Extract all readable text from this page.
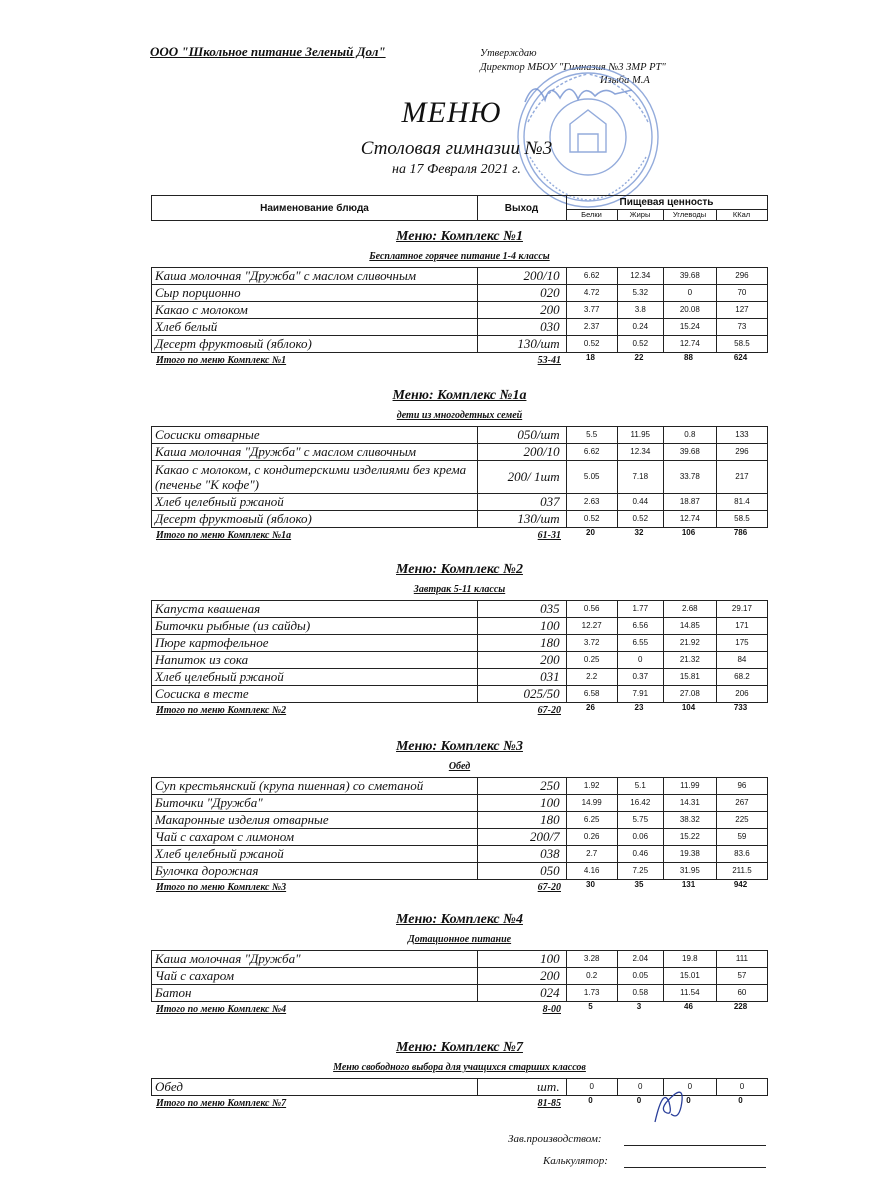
ООО "Школьное питание Зеленый Дол"	Утверждаю
Директор МБОУ "Гимназия №3 ЗМР РТ"
Изыба М.А
МЕНЮ
Столовая гимназии №3
на 17 Февраля 2021 г.
Наименование блюда	Выход	Пищевая ценность
Белки	Жиры	Углеводы	ККал
Меню: Комплекс №1
Бесплатное горячее питание 1-4 классы
Каша молочная "Дружба" с маслом сливочным	200/10	6.62	12.34	39.68	296
Сыр порционно	020	4.72	5.32	0	70
Какао с молоком	200	3.77	3.8	20.08	127
Хлеб белый	030	2.37	0.24	15.24	73
Десерт фруктовый (яблоко)	130/шт	0.52	0.52	12.74	58.5
Итого по меню Комплекс №1	53-41	18	22	88	624
Меню: Комплекс №1а
дети из многодетных семей
Сосиски отварные	050/шт	5.5	11.95	0.8	133
Каша молочная "Дружба" с маслом сливочным	200/10	6.62	12.34	39.68	296
Какао с молоком, с кондитерскими изделиями без крема (печенье "К кофе")	200/ 1шт	5.05	7.18	33.78	217
Хлеб целебный ржаной	037	2.63	0.44	18.87	81.4
Десерт фруктовый (яблоко)	130/шт	0.52	0.52	12.74	58.5
Итого по меню Комплекс №1а	61-31	20	32	106	786
Меню: Комплекс №2
Завтрак 5-11 классы
Капуста квашеная	035	0.56	1.77	2.68	29.17
Биточки рыбные (из сайды)	100	12.27	6.56	14.85	171
Пюре картофельное	180	3.72	6.55	21.92	175
Напиток из сока	200	0.25	0	21.32	84
Хлеб целебный ржаной	031	2.2	0.37	15.81	68.2
Сосиска в тесте	025/50	6.58	7.91	27.08	206
Итого по меню Комплекс №2	67-20	26	23	104	733
Меню: Комплекс №3
Обед
Суп крестьянский (крупа пшенная) со сметаной	250	1.92	5.1	11.99	96
Биточки "Дружба"	100	14.99	16.42	14.31	267
Макаронные изделия отварные	180	6.25	5.75	38.32	225
Чай с сахаром с лимоном	200/7	0.26	0.06	15.22	59
Хлеб целебный ржаной	038	2.7	0.46	19.38	83.6
Булочка дорожная	050	4.16	7.25	31.95	211.5
Итого по меню Комплекс №3	67-20	30	35	131	942
Меню: Комплекс №4
Дотационное питание
Каша молочная "Дружба"	100	3.28	2.04	19.8	111
Чай с сахаром	200	0.2	0.05	15.01	57
Батон	024	1.73	0.58	11.54	60
Итого по меню Комплекс №4	8-00	5	3	46	228
Меню: Комплекс №7
Меню свободного выбора для учащихся старших классов
Обед	шт.	0	0	0	0
Итого по меню Комплекс №7	81-85	0	0	0	0
Зав.производством:
Калькулятор:
